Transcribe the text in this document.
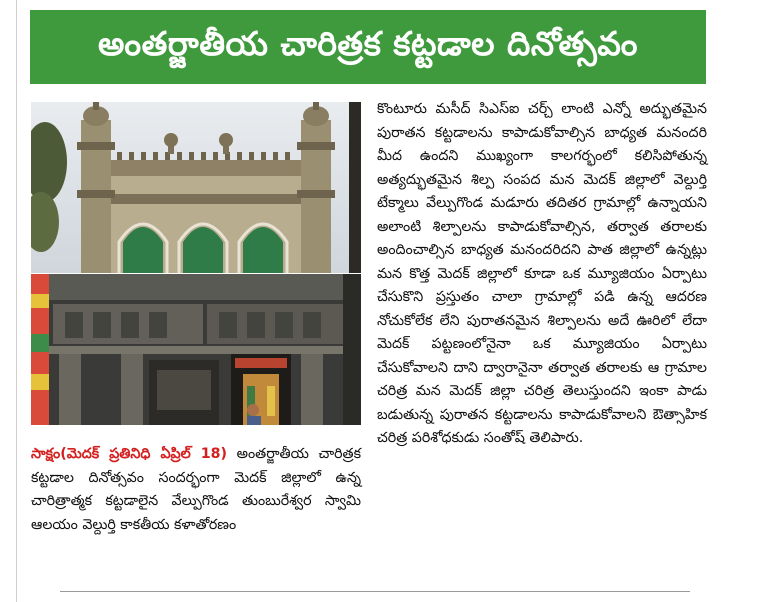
అంతర్జాతీయ చారిత్రక కట్టడాల దినోత్సవం
సాక్షం(మెదక్ ప్రతినిధి ఏప్రిల్ 18) అంతర్జాతీయ చారిత్రక కట్టడాల దినోత్సవం సందర్భంగా మెదక్ జిల్లాలో ఉన్న చారిత్రాత్మక కట్టడాలైన వేల్పుగొండ తుంబురేశ్వర స్వామి ఆలయం వెల్దుర్తి కాకతీయ కళాతోరణం
కొంటూరు మసీద్ సిఎస్ఐ చర్చ్ లాంటి ఎన్నో అద్భుతమైన పురాతన కట్టడాలను కాపాడుకోవాల్సిన బాధ్యత మనందరి మీద ఉందని ముఖ్యంగా కాలగర్భంలో కలిసిపోతున్న అత్యద్భుతమైన శిల్ప సంపద మన మెదక్ జిల్లాలో వెల్దుర్తి టేక్మాలు వేల్పుగొండ మడూరు తదితర గ్రామాల్లో ఉన్నాయని అలాంటి శిల్పాలను కాపాడుకోవాల్సిన, తర్వాత తరాలకు అందించాల్సిన బాధ్యత మనందరిదని పాత జిల్లాలో ఉన్నట్లు మన కొత్త మెదక్ జిల్లాలో కూడా ఒక మ్యూజియం ఏర్పాటు చేసుకొని ప్రస్తుతం చాలా గ్రామాల్లో పడి ఉన్న ఆదరణ నోచుకోలేక లేని పురాతనమైన శిల్పాలను అదే ఊరిలో లేదా మెదక్ పట్టణంలోనైనా ఒక మ్యూజియం ఏర్పాటు చేసుకోవాలని దాని ద్వారానైనా తర్వాత తరాలకు ఆ గ్రామాల చరిత్ర మన మెదక్ జిల్లా చరిత్ర తెలుస్తుందని ఇంకా పాడు బడుతున్న పురాతన కట్టడాలను కాపాడుకోవాలని ఔత్సాహిక చరిత్ర పరిశోధకుడు సంతోష్ తెలిపారు.
